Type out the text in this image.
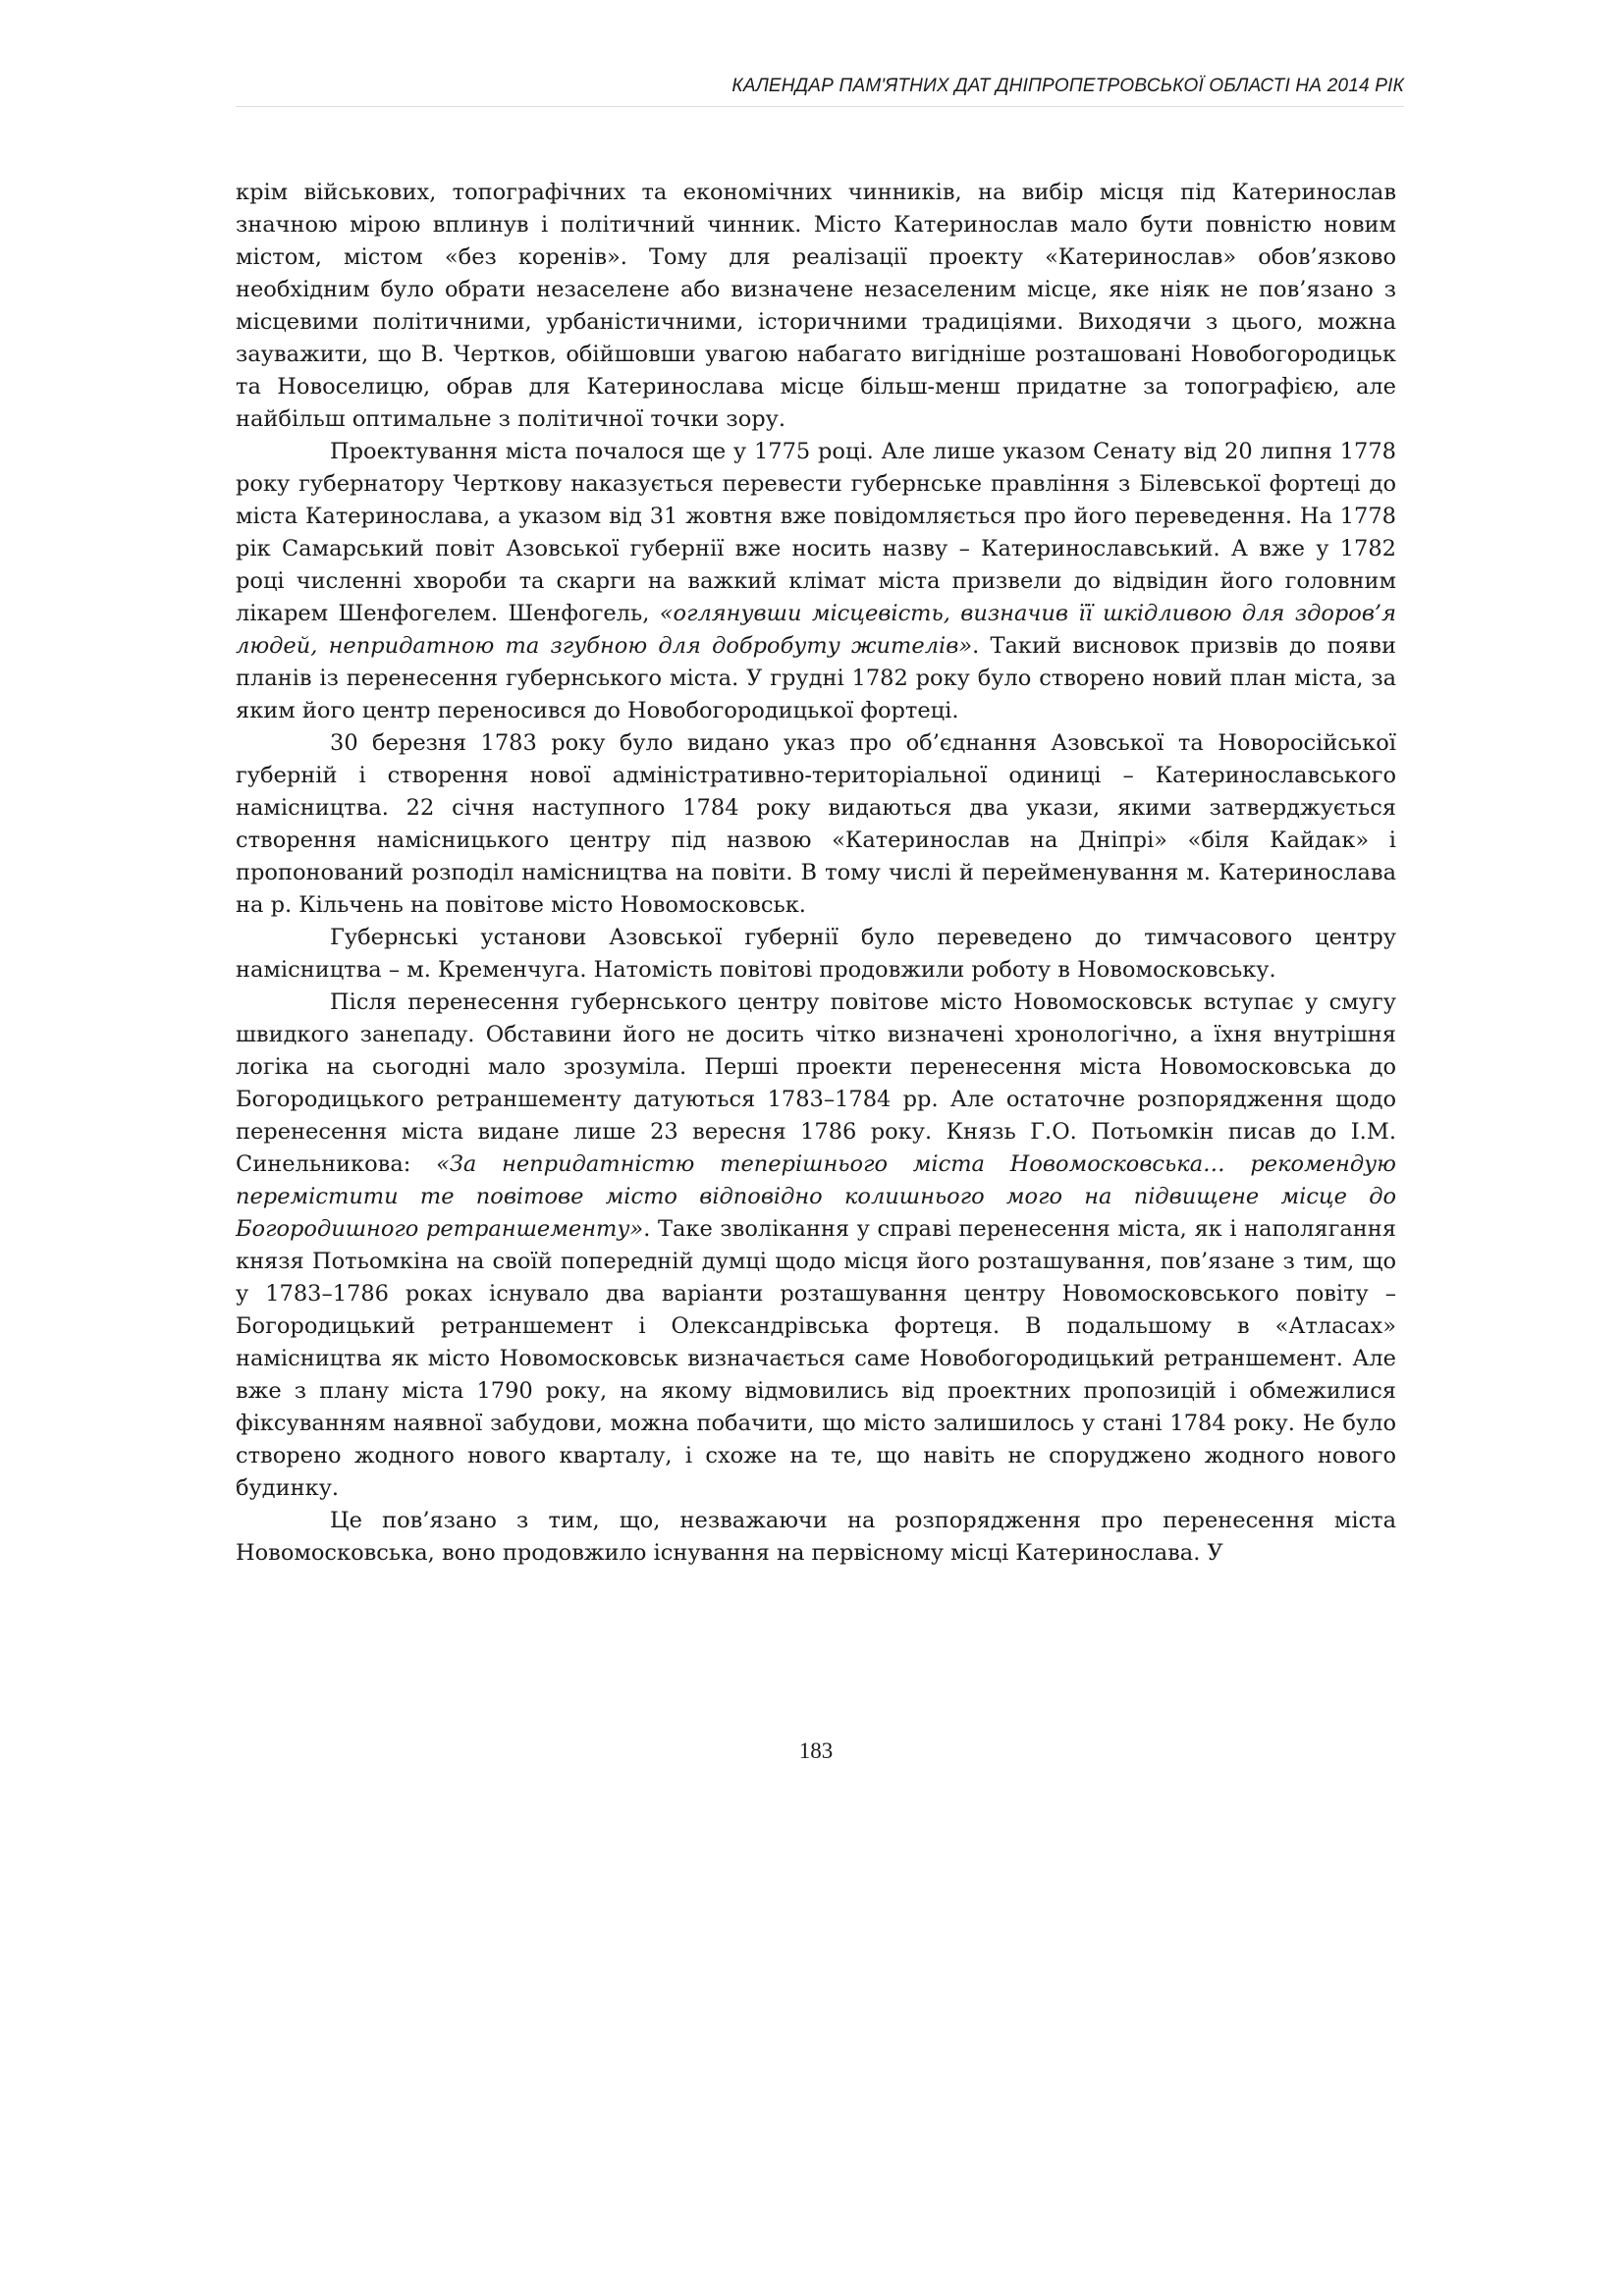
КАЛЕНДАР ПАМ'ЯТНИХ ДАТ ДНІПРОПЕТРОВСЬКОЇ ОБЛАСТІ НА 2014 РІК

крім військових, топографічних та економічних чинників, на вибір місця під Катеринослав значною мірою вплинув і політичний чинник. Місто Катеринослав мало бути повністю новим містом, містом «без коренів». Тому для реалізації проекту «Катеринослав» обов’язково необхідним було обрати незаселене або визначене незаселеним місце, яке ніяк не пов’язано з місцевими політичними, урбаністичними, історичними традиціями. Виходячи з цього, можна зауважити, що В. Чертков, обійшовши увагою набагато вигідніше розташовані Новобогородицьк та Новоселицю, обрав для Катеринослава місце більш-менш придатне за топографією, але найбільш оптимальне з політичної точки зору.

Проектування міста почалося ще у 1775 році. Але лише указом Сенату від 20 липня 1778 року губернатору Черткову наказується перевести губернське правління з Білевської фортеці до міста Катеринослава, а указом від 31 жовтня вже повідомляється про його переведення. На 1778 рік Самарський повіт Азовської губернії вже носить назву – Катеринославський. А вже у 1782 році численні хвороби та скарги на важкий клімат міста призвели до відвідин його головним лікарем Шенфогелем. Шенфогель, «оглянувши місцевість, визначив її шкідливою для здоров’я людей, непридатною та згубною для добробуту жителів». Такий висновок призвів до появи планів із перенесення губернського міста. У грудні 1782 року було створено новий план міста, за яким його центр переносився до Новобогородицької фортеці.

30 березня 1783 року було видано указ про об’єднання Азовської та Новоросійської губерній і створення нової адміністративно-територіальної одиниці – Катеринославського намісництва. 22 січня наступного 1784 року видаються два укази, якими затверджується створення намісницького центру під назвою «Катеринослав на Дніпрі» «біля Кайдак» і пропонований розподіл намісництва на повіти. В тому числі й перейменування м. Катеринослава на р. Кільчень на повітове місто Новомосковськ.

Губернські установи Азовської губернії було переведено до тимчасового центру намісництва – м. Кременчуга. Натомість повітові продовжили роботу в Новомосковську.

Після перенесення губернського центру повітове місто Новомосковськ вступає у смугу швидкого занепаду. Обставини його не досить чітко визначені хронологічно, а їхня внутрішня логіка на сьогодні мало зрозуміла. Перші проекти перенесення міста Новомосковська до Богородицького ретраншементу датуються 1783–1784 рр. Але остаточне розпорядження щодо перенесення міста видане лише 23 вересня 1786 року. Князь Г.О. Потьомкін писав до І.М. Синельникова: «За непридатністю теперішнього міста Новомосковська… рекомендую перемістити те повітове місто відповідно колишнього мого на підвищене місце до Богородишного ретраншементу». Таке зволікання у справі перенесення міста, як і наполягання князя Потьомкіна на своїй попередній думці щодо місця його розташування, пов’язане з тим, що у 1783–1786 роках існувало два варіанти розташування центру Новомосковського повіту – Богородицький ретраншемент і Олександрівська фортеця. В подальшому в «Атласах» намісництва як місто Новомосковськ визначається саме Новобогородицький ретраншемент. Але вже з плану міста 1790 року, на якому відмовились від проектних пропозицій і обмежилися фіксуванням наявної забудови, можна побачити, що місто залишилось у стані 1784 року. Не було створено жодного нового кварталу, і схоже на те, що навіть не споруджено жодного нового будинку.

Це пов’язано з тим, що, незважаючи на розпорядження про перенесення міста Новомосковська, воно продовжило існування на первісному місці Катеринослава. У

183
